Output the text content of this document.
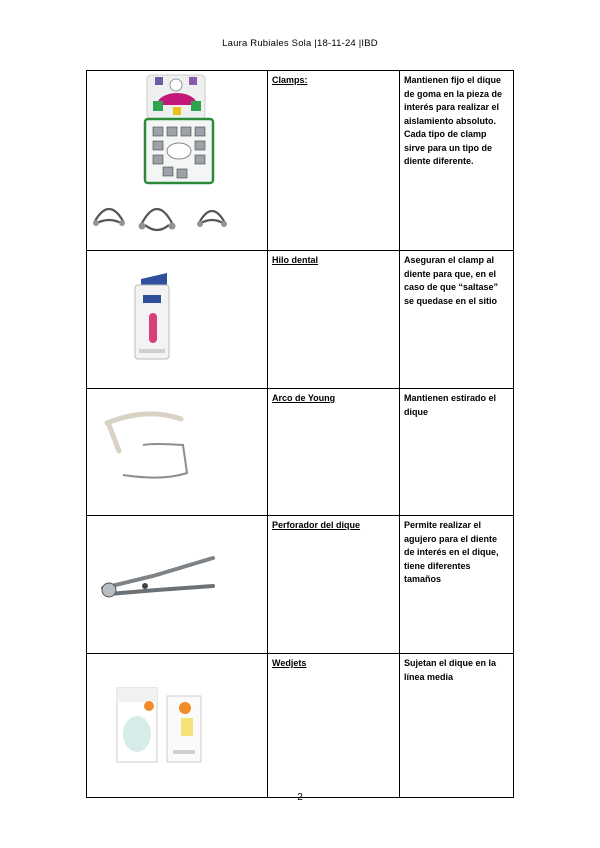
Laura Rubiales Sola |18-11-24 |IBD
	Clamps:	Mantienen fijo el dique de goma en la pieza de interés para realizar el aislamiento absoluto. Cada tipo de clamp sirve para un tipo de diente diferente.

	Hilo dental	Aseguran el clamp al diente para que, en el caso de que “saltase” se quedase en el sitio

	Arco de Young	Mantienen estirado el dique

	Perforador del dique	Permite realizar el agujero para el diente de interés en el dique, tiene diferentes tamaños

	Wedjets	Sujetan el dique en la línea media
2
